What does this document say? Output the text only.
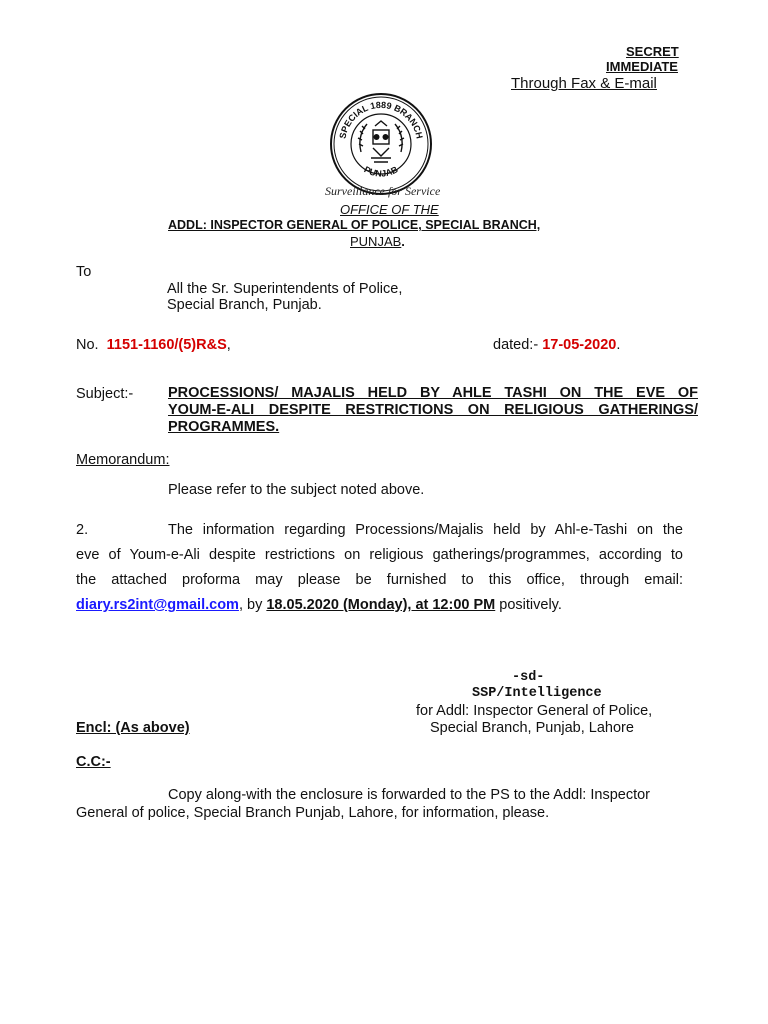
SECRET
IMMEDIATE
Through Fax & E-mail
SPECIAL 1889 BRANCH
PUNJAB
Surveillance for Service
OFFICE OF THE
ADDL: INSPECTOR GENERAL OF POLICE, SPECIAL BRANCH,
PUNJAB.
To
All the Sr. Superintendents of Police,
Special Branch, Punjab.
No. 1151-1160/(5)R&S,	dated:- 17-05-2020.
Subject:- PROCESSIONS/ MAJALIS HELD BY AHLE TASHI ON THE EVE OF
YOUM-E-ALI DESPITE RESTRICTIONS ON RELIGIOUS GATHERINGS/
PROGRAMMES.
Memorandum:
Please refer to the subject noted above.
2.	The information regarding Processions/Majalis held by Ahl-e-Tashi on the
eve of Youm-e-Ali despite restrictions on religious gatherings/programmes, according to
the attached proforma may please be furnished to this office, through email:
diary.rs2int@gmail.com, by 18.05.2020 (Monday), at 12:00 PM positively.
-sd-
SSP/Intelligence
for Addl: Inspector General of Police,
Special Branch, Punjab, Lahore
Encl: (As above)
C.C:-
Copy along-with the enclosure is forwarded to the PS to the Addl: Inspector
General of police, Special Branch Punjab, Lahore, for information, please.
